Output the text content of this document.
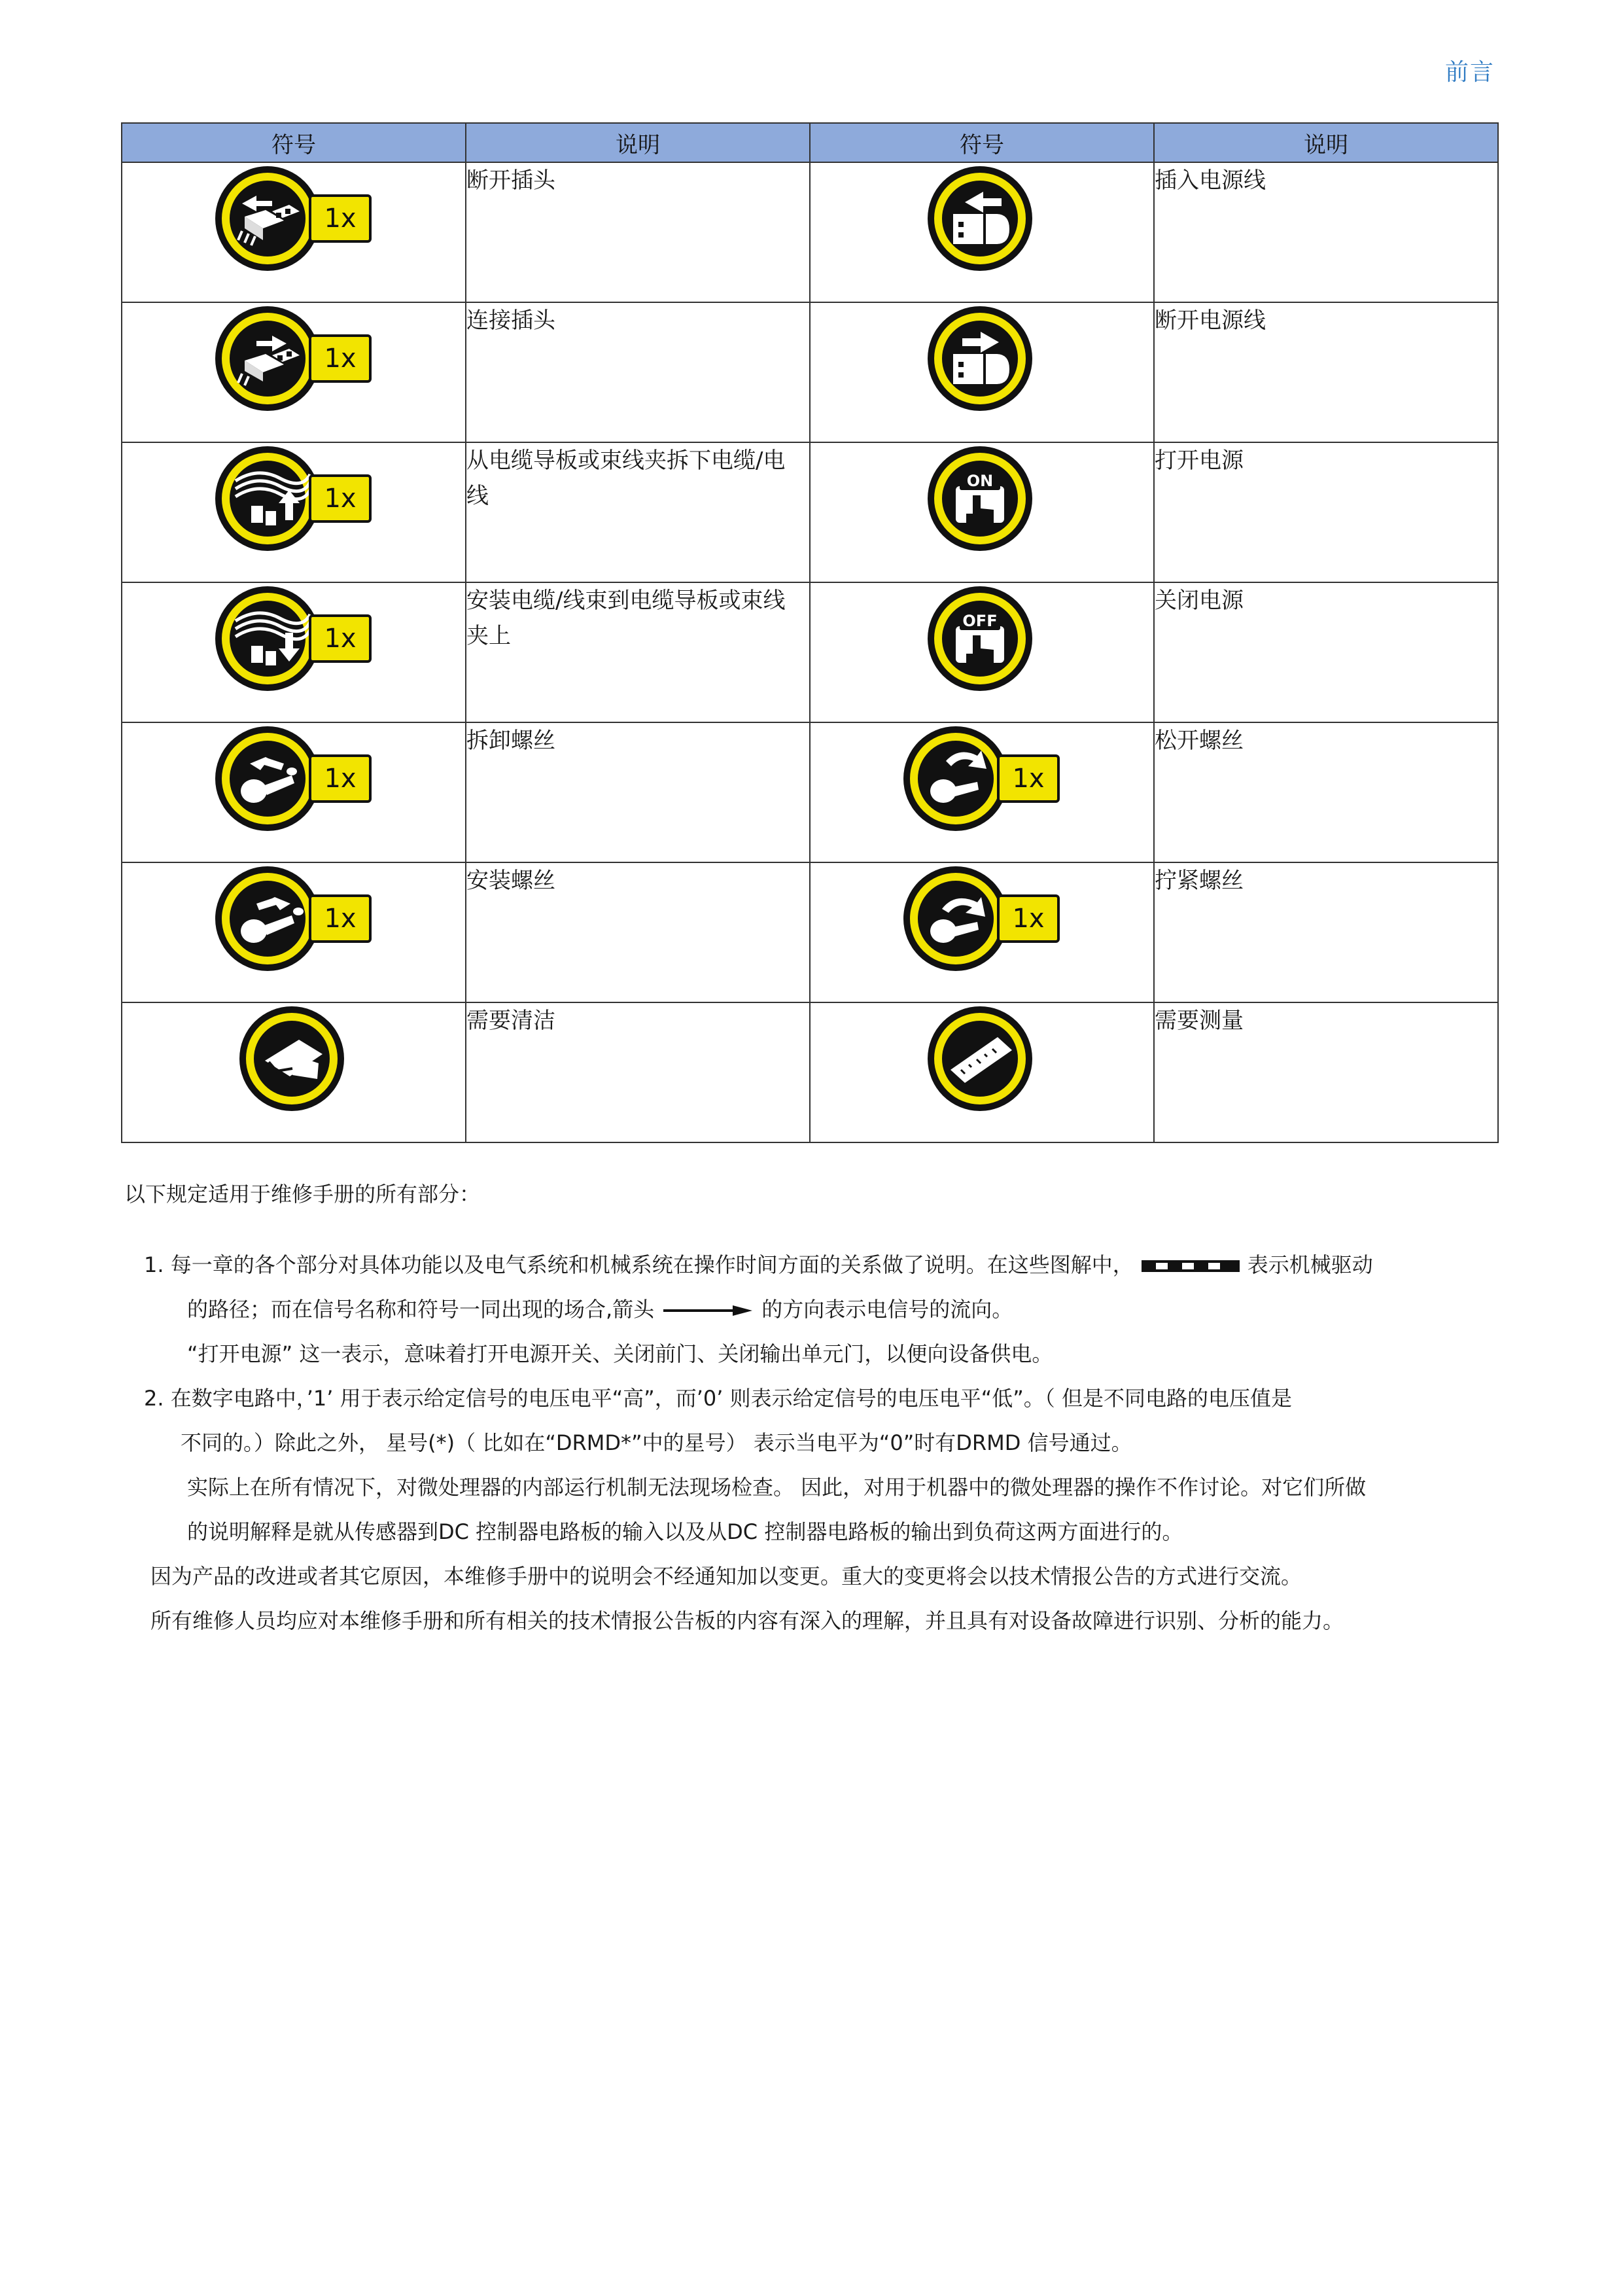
前言
符号	说明	符号	说明

1x	断开插头		插入电源线

1x	连接插头		断开电源线

1x	从电缆导板或束线夹拆下电缆/电
线	ON	打开电源

1x	安装电缆/线束到电缆导板或束线
夹上	OFF	关闭电源

1x	拆卸螺丝	1x	松开螺丝

1x	安装螺丝	1x	拧紧螺丝
	需要清洁		需要测量
以下规定适用于维修手册的所有部分：
1. 每一章的各个部分对具体功能以及电气系统和机械系统在操作时间方面的关系做了说明。在这些图解中，	表示机械驱动
的路径；而在信号名称和符号一同出现的场合,箭头	的方向表示电信号的流向。
“打开电源” 这一表示，意味着打开电源开关、关闭前门、关闭输出单元门，以便向设备供电。
2. 在数字电路中，’1’ 用于表示给定信号的电压电平“高”，而’0’ 则表示给定信号的电压电平“低”。（ 但是不同电路的电压值是
不同的。）除此之外， 星号(*)（ 比如在“DRMD*”中的星号） 表示当电平为“0”时有DRMD 信号通过。
实际上在所有情况下，对微处理器的内部运行机制无法现场检查。 因此，对用于机器中的微处理器的操作不作讨论。对它们所做
的说明解释是就从传感器到DC 控制器电路板的输入以及从DC 控制器电路板的输出到负荷这两方面进行的。
因为产品的改进或者其它原因，本维修手册中的说明会不经通知加以变更。重大的变更将会以技术情报公告的方式进行交流。
所有维修人员均应对本维修手册和所有相关的技术情报公告板的内容有深入的理解，并且具有对设备故障进行识别、分析的能力。
